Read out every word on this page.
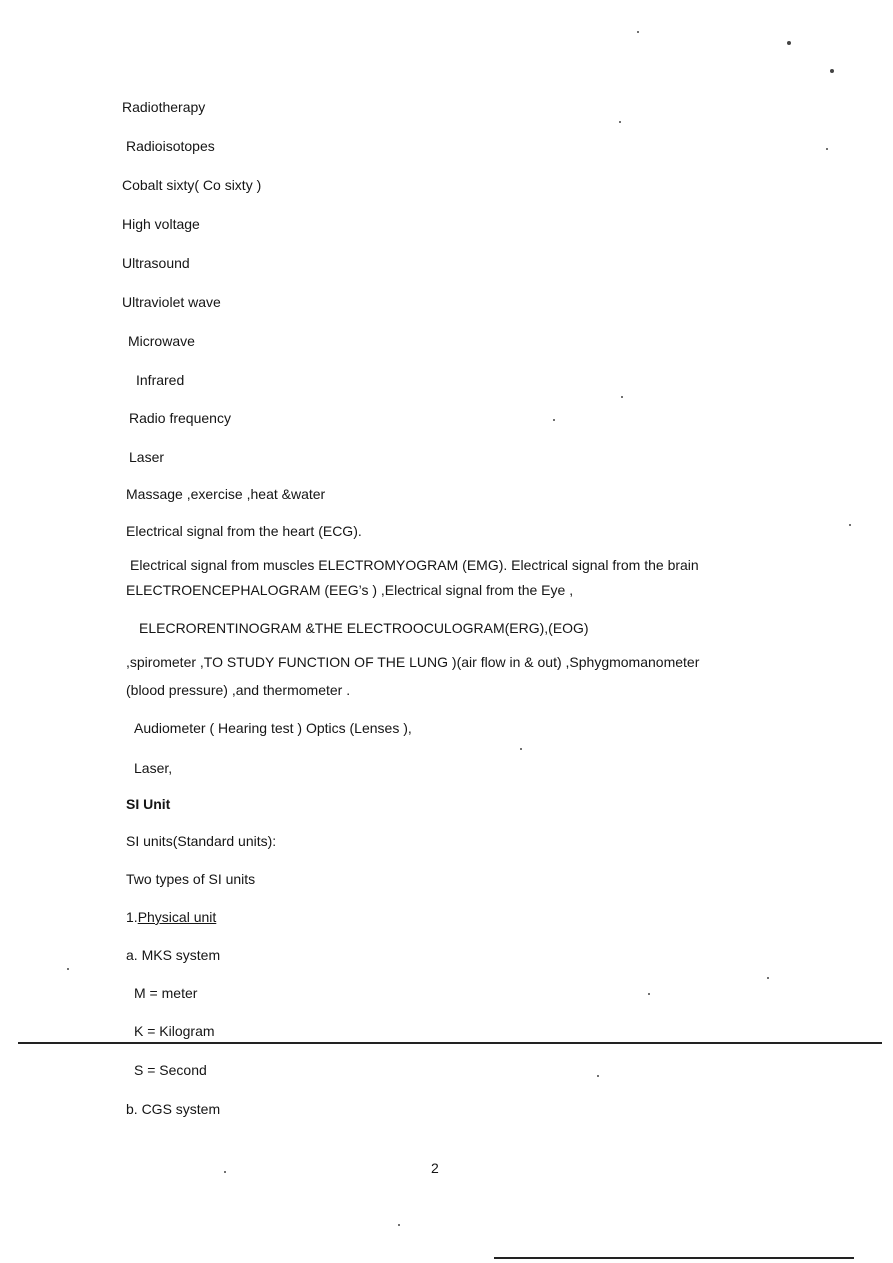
Radiotherapy
Radioisotopes
Cobalt sixty( Co sixty )
High voltage
Ultrasound
Ultraviolet wave
Microwave
Infrared
Radio frequency
Laser
Massage ,exercise ,heat &water
Electrical signal from the heart (ECG).
Electrical signal from muscles ELECTROMYOGRAM (EMG). Electrical signal from the brain
ELECTROENCEPHALOGRAM (EEG’s ) ,Electrical signal from the Eye ,
ELECRORENTINOGRAM &THE ELECTROOCULOGRAM(ERG),(EOG)
,spirometer ,TO STUDY FUNCTION OF THE LUNG )(air flow in & out) ,Sphygmomanometer
(blood pressure) ,and thermometer .
Audiometer ( Hearing test ) Optics (Lenses ),
Laser,
SI Unit
SI units(Standard units):
Two types of SI units
1.Physical unit
a. MKS system
M = meter
K = Kilogram
S = Second
b. CGS system
2
